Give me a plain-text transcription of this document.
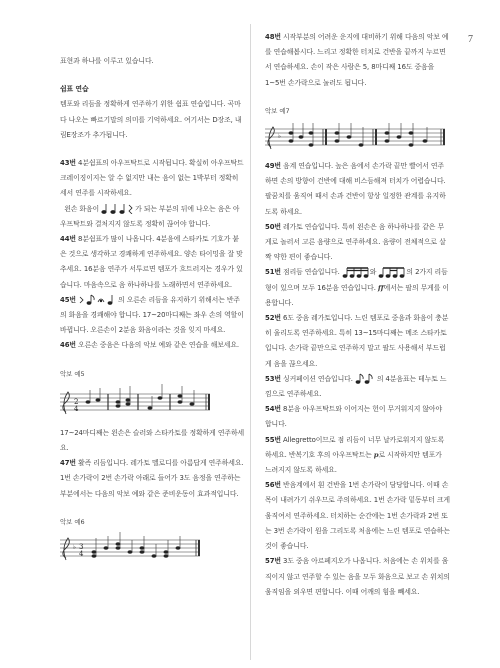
7

표현과 하나를 이루고 있습니다.

쉼표 연습

템포와 리듬을 정확하게 연주하기 위한 쉼표 연습입니다. 곡마다 나오는 빠르기말의 의미를 기억하세요. 여기서는 D장조, 내림E장조가 추가됩니다.

43번 4분쉼표의 아우프탁트로 시작됩니다. 확실히 아우프탁트 크레이징이지는 알 수 없지만 내는 음이 없는 1박부터 정확히 세서 연주를 시작하세요.

왼손 화음이	가 되는 부분의 뒤에 나오는 음은 아우프탁트와 결처지지 않도록 정확히 끊어야 합니다.

44번 8분쉼표가 많이 나옵니다. 4분음에 스타카토 기호가 붙은 것으로 생각하고 경쾌하게 연주하세요. 양손 타이밍을 잘 맞추세요. 16분음 연주가 서투르면 템포가 흐트러지는 경우가 있습니다. 마음속으로 음 하나하나를 노래하면서 연주하세요.

45번	의 오른손 리듬을 유지하기 위해서는 반주의 화음을 경쾌해야 합니다. 17~20마디째는 좌우 손의 역할이 바뀝니다. 오른손이 2분음 화음이라는 것을 잊지 마세요.

46번 오른손 중음은 다음의 악보 예와 같은 연습을 해보세요.

악보 예5

2
4

17~24마디째는 왼손은 슬러와 스타카토를 정확하게 연주하세요.

47번 활즉 리듬입니다. 레가토 멜로디를 아름답게 연주하세요. 1번 손가락이 2번 손가락 아래로 들어가 3도 음정을 연주하는 부분에서는 다음의 악보 예와 같은 준비운동이 효과적입니다.

악보 예6

♭ 3
4

48번 시작부분의 어려운 운지에 대비하기 위해 다음의 악보 예를 연습해봅시다. 느리고 정확한 터치로 건반을 끝까지 누르면서 연습하세요. 손이 작은 사람은 5, 8마디째 16도 중음을 1~5번 손가락으로 눌러도 됩니다.

악보 예7

♭

49번 음계 연습입니다. 높은 음에서 손가락 끝만 빨어서 연주하면 손의 방향이 건반에 대해 비스듬해져 터치가 어렵습니다. 팔꿈치를 움직여 때서 손과 건반이 항상 일정한 관계를 유지하도록 하세요.

50번 레가토 연습입니다. 특히 왼손은 음 하나하나를 같은 무게로 놀러서 고른 음량으로 연주하세요. 음량이 전체적으로 살짝 약한 편이 좋습니다.

51번 점리듬 연습입니다.	와	의 2가지 리듬형이 있으며 모두 16분음 연습입니다. ff에서는 팔의 무게를 이용합니다.

52번 6도 중음 레가토입니다. 느린 템포로 중음과 화음이 충분히 울리도록 연주하세요. 특히 13~15마디째는 메조 스타카토입니다. 손가락 끝만으로 연주하지 말고 팔도 사용해서 부드럽게 음을 끊으세요.

53번 싱커페이션 연습입니다.	의 4분음표는 테누토 느낌으로 연주하세요.

54번 8분음 아우프탁트와 이어지는 헌이 무거워지지 않아야 합니다.

55번 Allegretto이므로 점 리듬이 너무 날카로워지지 않도록 하세요. 반복기호 후의 아우프탁트는 p로 시작하지만 템포가 느려지지 않도록 하세요.

56번 반음계에서 흰 건반을 1번 손가락이 담당합니다. 이때 손목이 내려가기 쉬우므로 주의하세요. 1번 손가락 밑동부터 크게 움직여서 연주하세요. 터치하는 순간에는 1번 손가락과 2번 또는 3번 손가락이 원을 그리도록 처음에는 느린 템포로 연습하는 것이 좋습니다.

57번 3도 중음 아르페지오가 나옵니다. 처음에는 손 위치를 움직이지 않고 연주할 수 있는 음을 모두 화음으로 보고 손 위치의 움직임을 외우면 편합니다. 이때 어깨의 힘을 빼세요.
